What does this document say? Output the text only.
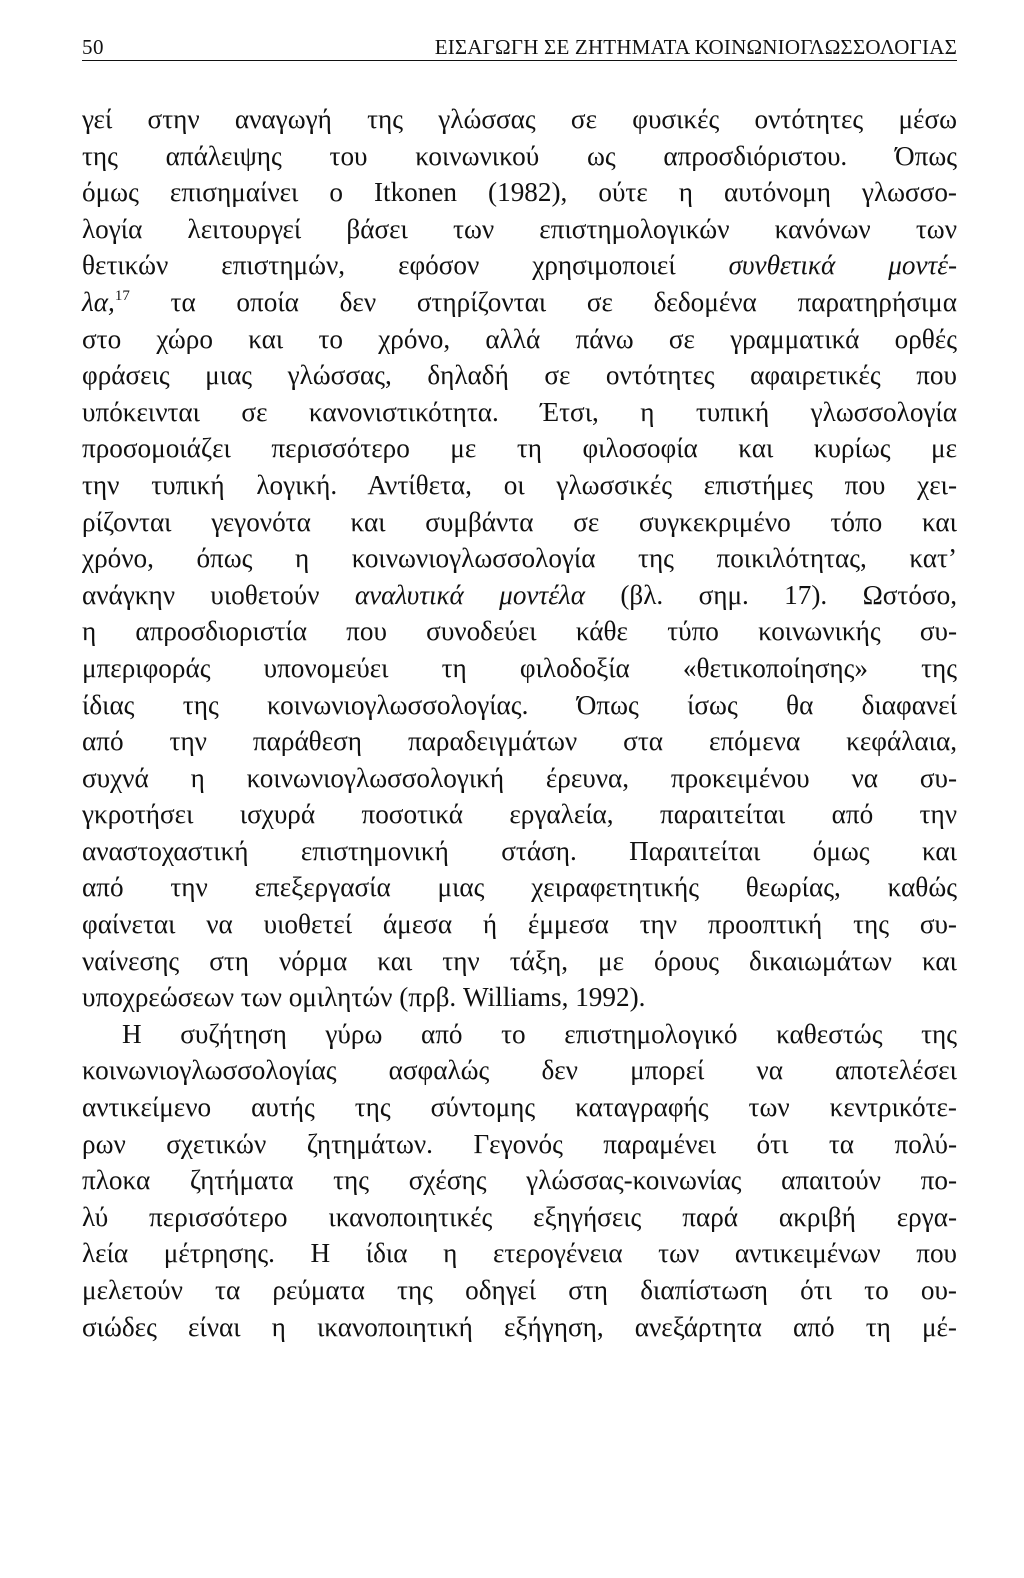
50	ΕΙΣΑΓΩΓΗ ΣΕ ΖΗΤΗΜΑΤΑ ΚΟΙΝΩΝΙΟΓΛΩΣΣΟΛΟΓΙΑΣ
γεί στην αναγωγή της γλώσσας σε φυσικές οντότητες μέσω
της απάλειψης του κοινωνικού ως απροσδιόριστου. Όπως
όμως επισημαίνει ο Itkonen (1982), ούτε η αυτόνομη γλωσσο-
λογία λειτουργεί βάσει των επιστημολογικών κανόνων των
θετικών επιστημών, εφόσον χρησιμοποιεί συνθετικά μοντέ-
λα,$^{17}$ τα οποία δεν στηρίζονται σε δεδομένα παρατηρήσιμα
στο χώρο και το χρόνο, αλλά πάνω σε γραμματικά ορθές
φράσεις μιας γλώσσας, δηλαδή σε οντότητες αφαιρετικές που
υπόκεινται σε κανονιστικότητα. Έτσι, η τυπική γλωσσολογία
προσομοιάζει περισσότερο με τη φιλοσοφία και κυρίως με
την τυπική λογική. Αντίθετα, οι γλωσσικές επιστήμες που χει-
ρίζονται γεγονότα και συμβάντα σε συγκεκριμένο τόπο και
χρόνο, όπως η κοινωνιογλωσσολογία της ποικιλότητας, κατ’
ανάγκην υιοθετούν αναλυτικά μοντέλα (βλ. σημ. 17). Ωστόσο,
η απροσδιοριστία που συνοδεύει κάθε τύπο κοινωνικής συ-
μπεριφοράς υπονομεύει τη φιλοδοξία «θετικοποίησης» της
ίδιας της κοινωνιογλωσσολογίας. Όπως ίσως θα διαφανεί
από την παράθεση παραδειγμάτων στα επόμενα κεφάλαια,
συχνά η κοινωνιογλωσσολογική έρευνα, προκειμένου να συ-
γκροτήσει ισχυρά ποσοτικά εργαλεία, παραιτείται από την
αναστοχαστική επιστημονική στάση. Παραιτείται όμως και
από την επεξεργασία μιας χειραφετητικής θεωρίας, καθώς
φαίνεται να υιοθετεί άμεσα ή έμμεσα την προοπτική της συ-
ναίνεσης στη νόρμα και την τάξη, με όρους δικαιωμάτων και
υποχρεώσεων των ομιλητών (πρβ. Williams, 1992).
Η συζήτηση γύρω από το επιστημολογικό καθεστώς της
κοινωνιογλωσσολογίας ασφαλώς δεν μπορεί να αποτελέσει
αντικείμενο αυτής της σύντομης καταγραφής των κεντρικότε-
ρων σχετικών ζητημάτων. Γεγονός παραμένει ότι τα πολύ-
πλοκα ζητήματα της σχέσης γλώσσας-κοινωνίας απαιτούν πο-
λύ περισσότερο ικανοποιητικές εξηγήσεις παρά ακριβή εργα-
λεία μέτρησης. Η ίδια η ετερογένεια των αντικειμένων που
μελετούν τα ρεύματα της οδηγεί στη διαπίστωση ότι το ου-
σιώδες είναι η ικανοποιητική εξήγηση, ανεξάρτητα από τη μέ-
